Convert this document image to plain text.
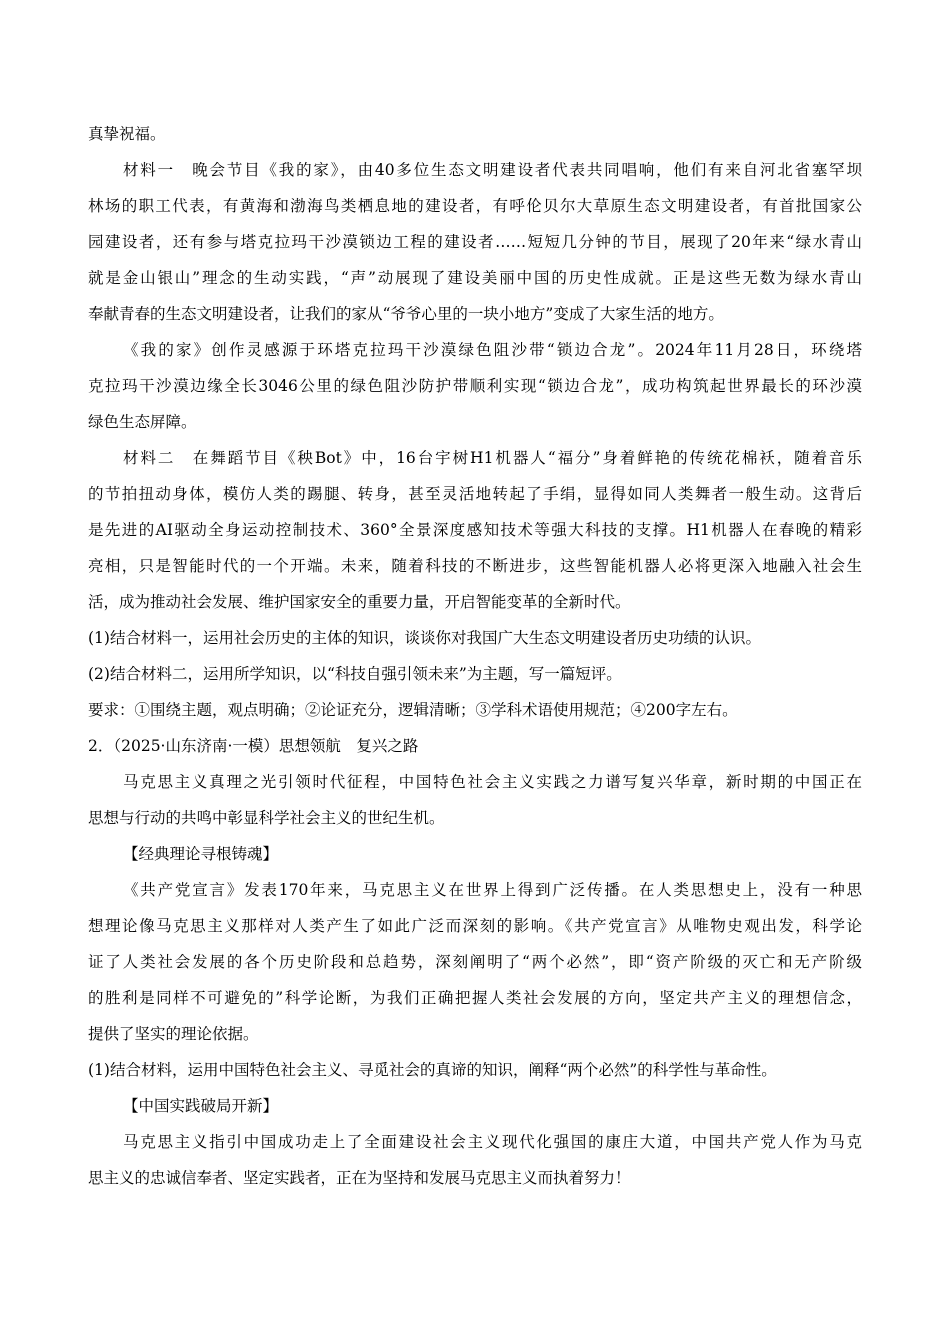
真挚祝福。

材料一　晚会节目《我的家》，由40多位生态文明建设者代表共同唱响，他们有来自河北省塞罕坝

林场的职工代表，有黄海和渤海鸟类栖息地的建设者，有呼伦贝尔大草原生态文明建设者，有首批国家公

园建设者，还有参与塔克拉玛干沙漠锁边工程的建设者……短短几分钟的节目，展现了20年来“绿水青山

就是金山银山”理念的生动实践，“声”动展现了建设美丽中国的历史性成就。正是这些无数为绿水青山

奉献青春的生态文明建设者，让我们的家从“爷爷心里的一块小地方”变成了大家生活的地方。

《我的家》创作灵感源于环塔克拉玛干沙漠绿色阻沙带“锁边合龙”。2024年11月28日，环绕塔

克拉玛干沙漠边缘全长3046公里的绿色阻沙防护带顺利实现“锁边合龙”，成功构筑起世界最长的环沙漠

绿色生态屏障。

材料二　在舞蹈节目《秧Bot》中，16台宇树H1机器人“福分”身着鲜艳的传统花棉袄，随着音乐

的节拍扭动身体，模仿人类的踢腿、转身，甚至灵活地转起了手绢，显得如同人类舞者一般生动。这背后

是先进的AI驱动全身运动控制技术、360°全景深度感知技术等强大科技的支撑。H1机器人在春晚的精彩

亮相，只是智能时代的一个开端。未来，随着科技的不断进步，这些智能机器人必将更深入地融入社会生

活，成为推动社会发展、维护国家安全的重要力量，开启智能变革的全新时代。

(1)结合材料一，运用社会历史的主体的知识，谈谈你对我国广大生态文明建设者历史功绩的认识。

(2)结合材料二，运用所学知识，以“科技自强引领未来”为主题，写一篇短评。

要求：①围绕主题，观点明确；②论证充分，逻辑清晰；③学科术语使用规范；④200字左右。

2．（2025·山东济南·一模）思想领航　复兴之路

马克思主义真理之光引领时代征程，中国特色社会主义实践之力谱写复兴华章，新时期的中国正在

思想与行动的共鸣中彰显科学社会主义的世纪生机。

【经典理论寻根铸魂】

《共产党宣言》发表170年来，马克思主义在世界上得到广泛传播。在人类思想史上，没有一种思

想理论像马克思主义那样对人类产生了如此广泛而深刻的影响。《共产党宣言》从唯物史观出发，科学论

证了人类社会发展的各个历史阶段和总趋势，深刻阐明了“两个必然”，即“资产阶级的灭亡和无产阶级

的胜利是同样不可避免的”科学论断，为我们正确把握人类社会发展的方向，坚定共产主义的理想信念，

提供了坚实的理论依据。

(1)结合材料，运用中国特色社会主义、寻觅社会的真谛的知识，阐释“两个必然”的科学性与革命性。

【中国实践破局开新】

马克思主义指引中国成功走上了全面建设社会主义现代化强国的康庄大道，中国共产党人作为马克

思主义的忠诚信奉者、坚定实践者，正在为坚持和发展马克思主义而执着努力！
